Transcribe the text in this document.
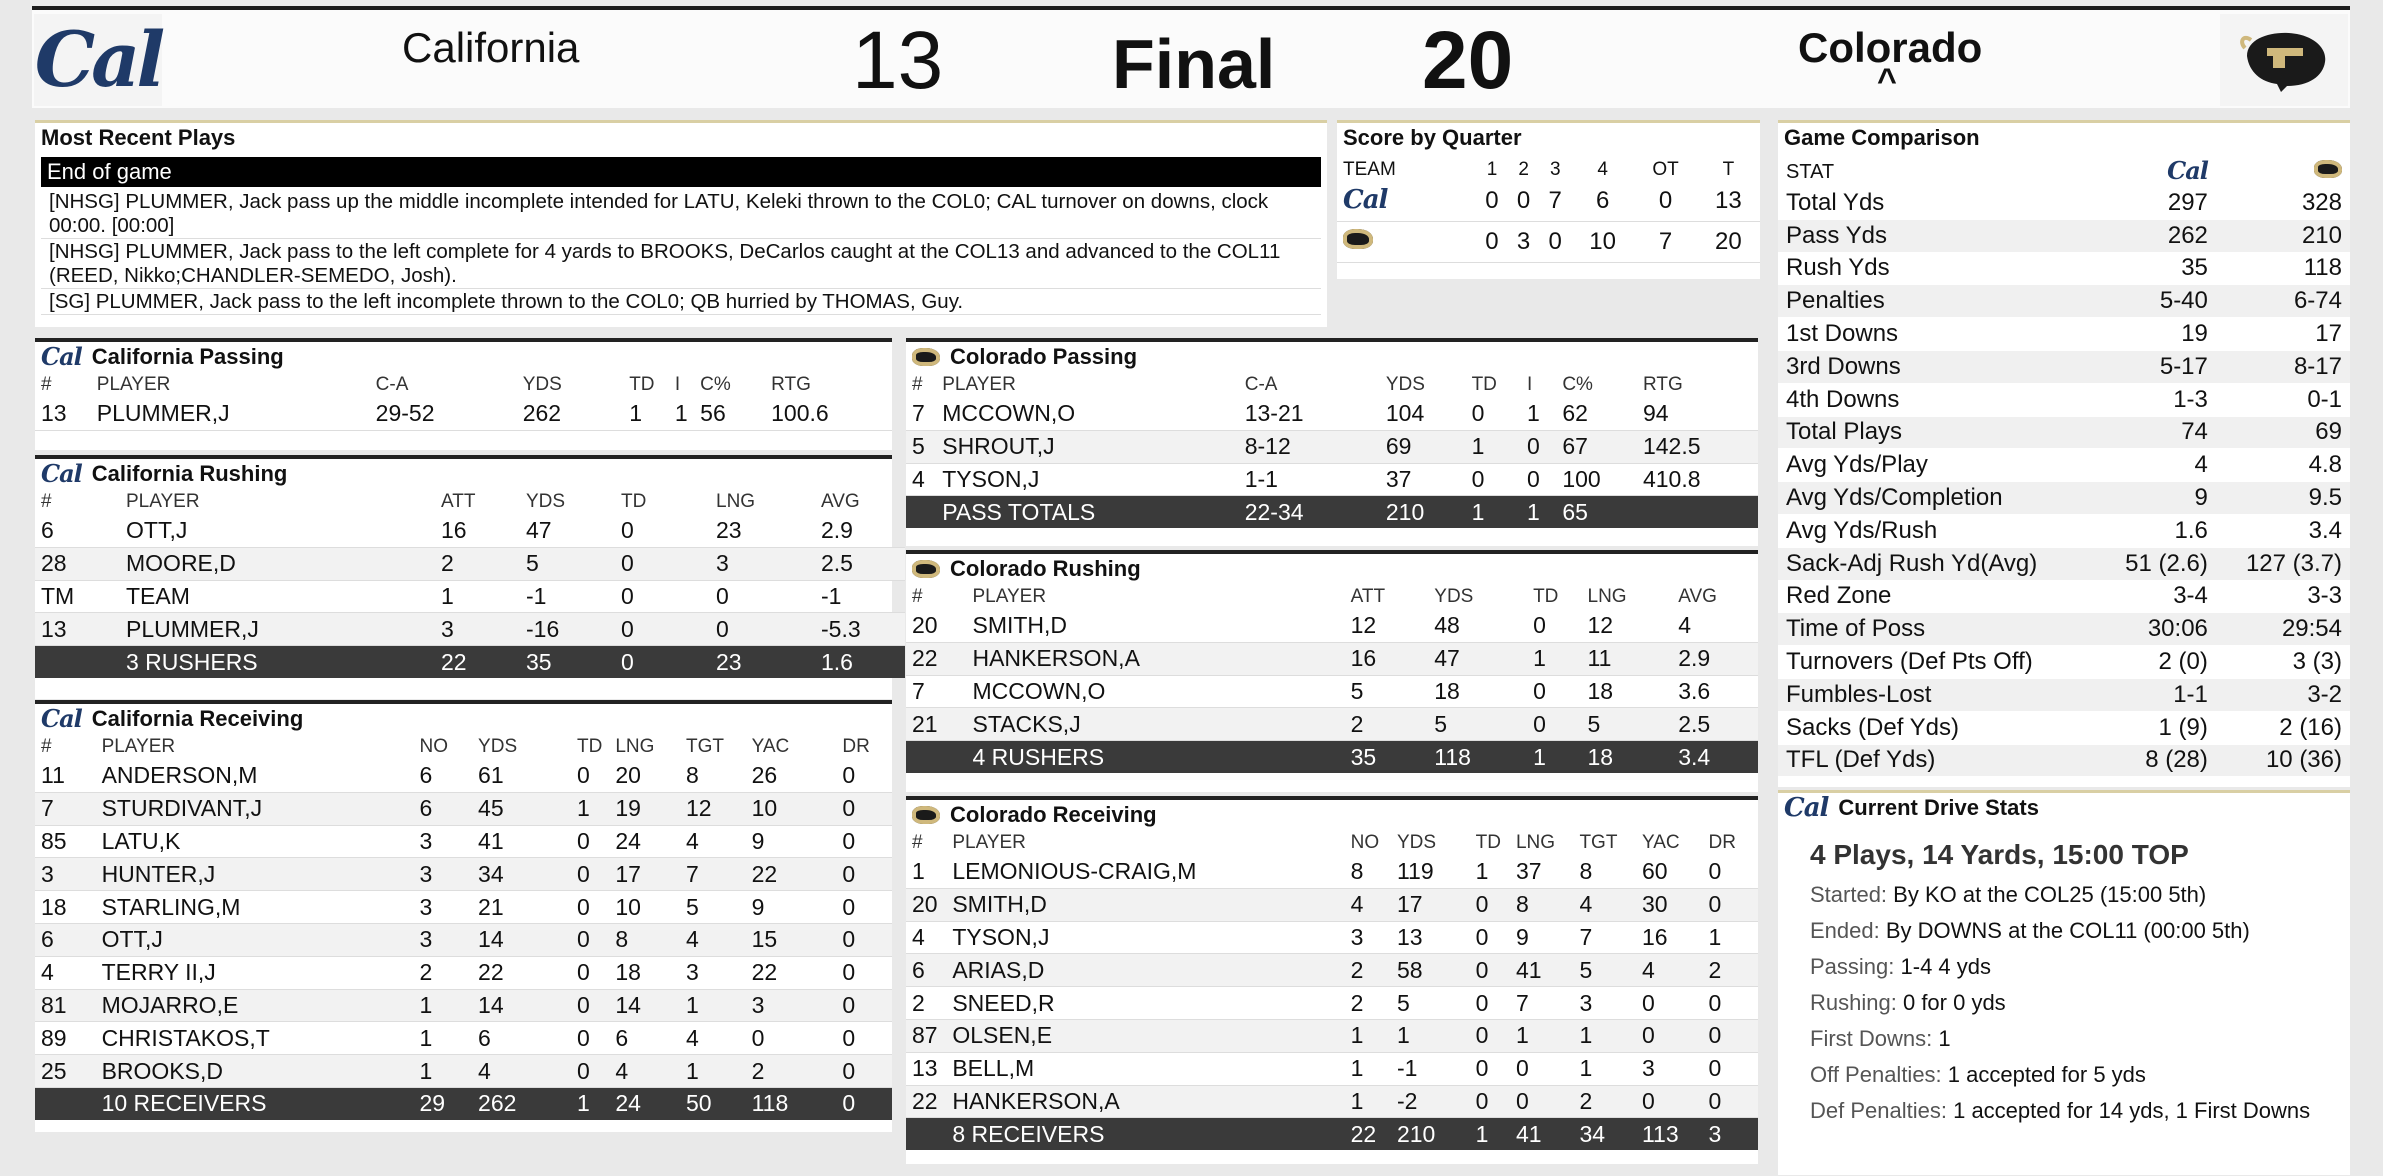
Cal	California	13 Final 20	Colorado
^
Most Recent Plays
End of game
[NHSG] PLUMMER, Jack pass up the middle incomplete intended for LATU, Keleki thrown to the COL0; CAL turnover on downs, clock 00:00. [00:00]
[NHSG] PLUMMER, Jack pass to the left complete for 4 yards to BROOKS, DeCarlos caught at the COL13 and advanced to the COL11 (REED, Nikko;CHANDLER-SEMEDO, Josh).
[SG] PLUMMER, Jack pass to the left incomplete thrown to the COL0; QB hurried by THOMAS, Guy.
Score by Quarter
TEAM	1	2	3	4	OT	T
Cal	0	0	7	6	0	13
	0	3	0	10	7	20
Game Comparison
STAT	Cal	
Total Yds	297	328
Pass Yds	262	210
Rush Yds	35	118
Penalties	5-40	6-74
1st Downs	19	17
3rd Downs	5-17	8-17
4th Downs	1-3	0-1
Total Plays	74	69
Avg Yds/Play	4	4.8
Avg Yds/Completion	9	9.5
Avg Yds/Rush	1.6	3.4
Sack-Adj Rush Yd(Avg)	51 (2.6)	127 (3.7)
Red Zone	3-4	3-3
Time of Poss	30:06	29:54
Turnovers (Def Pts Off)	2 (0)	3 (3)
Fumbles-Lost	1-1	3-2
Sacks (Def Yds)	1 (9)	2 (16)
TFL (Def Yds)	8 (28)	10 (36)
Cal Current Drive Stats
4 Plays, 14 Yards, 15:00 TOP
Started: By KO at the COL25 (15:00 5th)
Ended: By DOWNS at the COL11 (00:00 5th)
Passing: 1-4 4 yds
Rushing: 0 for 0 yds
First Downs: 1
Off Penalties: 1 accepted for 5 yds
Def Penalties: 1 accepted for 14 yds, 1 First Downs
Cal California Passing
#	PLAYER	C-A	YDS	TD	I	C%	RTG
13	PLUMMER,J	29-52	262	1	1	56	100.6
Cal California Rushing
#	PLAYER	ATT	YDS	TD	LNG	AVG
6	OTT,J	16	47	0	23	2.9
28	MOORE,D	2	5	0	3	2.5
TM	TEAM	1	-1	0	0	-1
13	PLUMMER,J	3	-16	0	0	-5.3
	3 RUSHERS	22	35	0	23	1.6
Cal California Receiving
#	PLAYER	NO	YDS	TD	LNG	TGT	YAC	DR
11	ANDERSON,M	6	61	0	20	8	26	0
7	STURDIVANT,J	6	45	1	19	12	10	0
85	LATU,K	3	41	0	24	4	9	0
3	HUNTER,J	3	34	0	17	7	22	0
18	STARLING,M	3	21	0	10	5	9	0
6	OTT,J	3	14	0	8	4	15	0
4	TERRY II,J	2	22	0	18	3	22	0
81	MOJARRO,E	1	14	0	14	1	3	0
89	CHRISTAKOS,T	1	6	0	6	4	0	0
25	BROOKS,D	1	4	0	4	1	2	0
	10 RECEIVERS	29	262	1	24	50	118	0
Colorado Passing
#	PLAYER	C-A	YDS	TD	I	C%	RTG
7	MCCOWN,O	13-21	104	0	1	62	94
5	SHROUT,J	8-12	69	1	0	67	142.5
4	TYSON,J	1-1	37	0	0	100	410.8
	PASS TOTALS	22-34	210	1	1	65	
Colorado Rushing
#	PLAYER	ATT	YDS	TD	LNG	AVG
20	SMITH,D	12	48	0	12	4
22	HANKERSON,A	16	47	1	11	2.9
7	MCCOWN,O	5	18	0	18	3.6
21	STACKS,J	2	5	0	5	2.5
	4 RUSHERS	35	118	1	18	3.4
Colorado Receiving
#	PLAYER	NO	YDS	TD	LNG	TGT	YAC	DR
1	LEMONIOUS-CRAIG,M	8	119	1	37	8	60	0
20	SMITH,D	4	17	0	8	4	30	0
4	TYSON,J	3	13	0	9	7	16	1
6	ARIAS,D	2	58	0	41	5	4	2
2	SNEED,R	2	5	0	7	3	0	0
87	OLSEN,E	1	1	0	1	1	0	0
13	BELL,M	1	-1	0	0	1	3	0
22	HANKERSON,A	1	-2	0	0	2	0	0
	8 RECEIVERS	22	210	1	41	34	113	3
